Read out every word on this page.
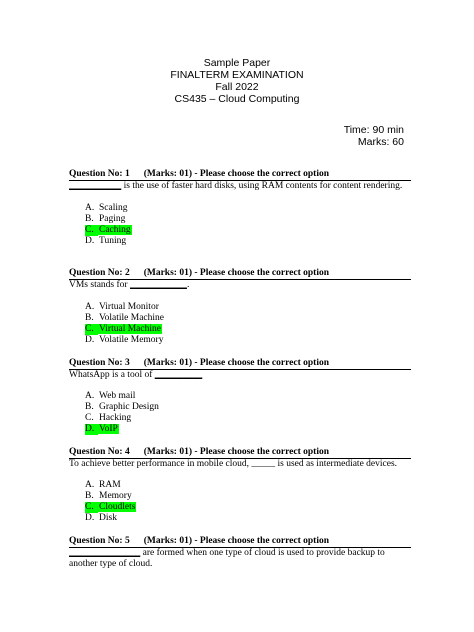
Sample Paper
FINALTERM EXAMINATION
Fall 2022
CS435 – Cloud Computing
Time: 90 min
Marks: 60
Question No: 1 (Marks: 01) - Please choose the correct option
___________ is the use of faster hard disks, using RAM contents for content rendering.
A. Scaling
B. Paging
C. Caching
D. Tuning
Question No: 2 (Marks: 01) - Please choose the correct option
VMs stands for ____________.
A. Virtual Monitor
B. Volatile Machine
C. Virtual Machine
D. Volatile Memory
Question No: 3 (Marks: 01) - Please choose the correct option
WhatsApp is a tool of __________
A. Web mail
B. Graphic Design
C. Hacking
D. VoIP
Question No: 4 (Marks: 01) - Please choose the correct option
To achieve better performance in mobile cloud, _____ is used as intermediate devices.
A. RAM
B. Memory
C. Cloudlets
D. Disk
Question No: 5 (Marks: 01) - Please choose the correct option
_______________ are formed when one type of cloud is used to provide backup to another type of cloud.
